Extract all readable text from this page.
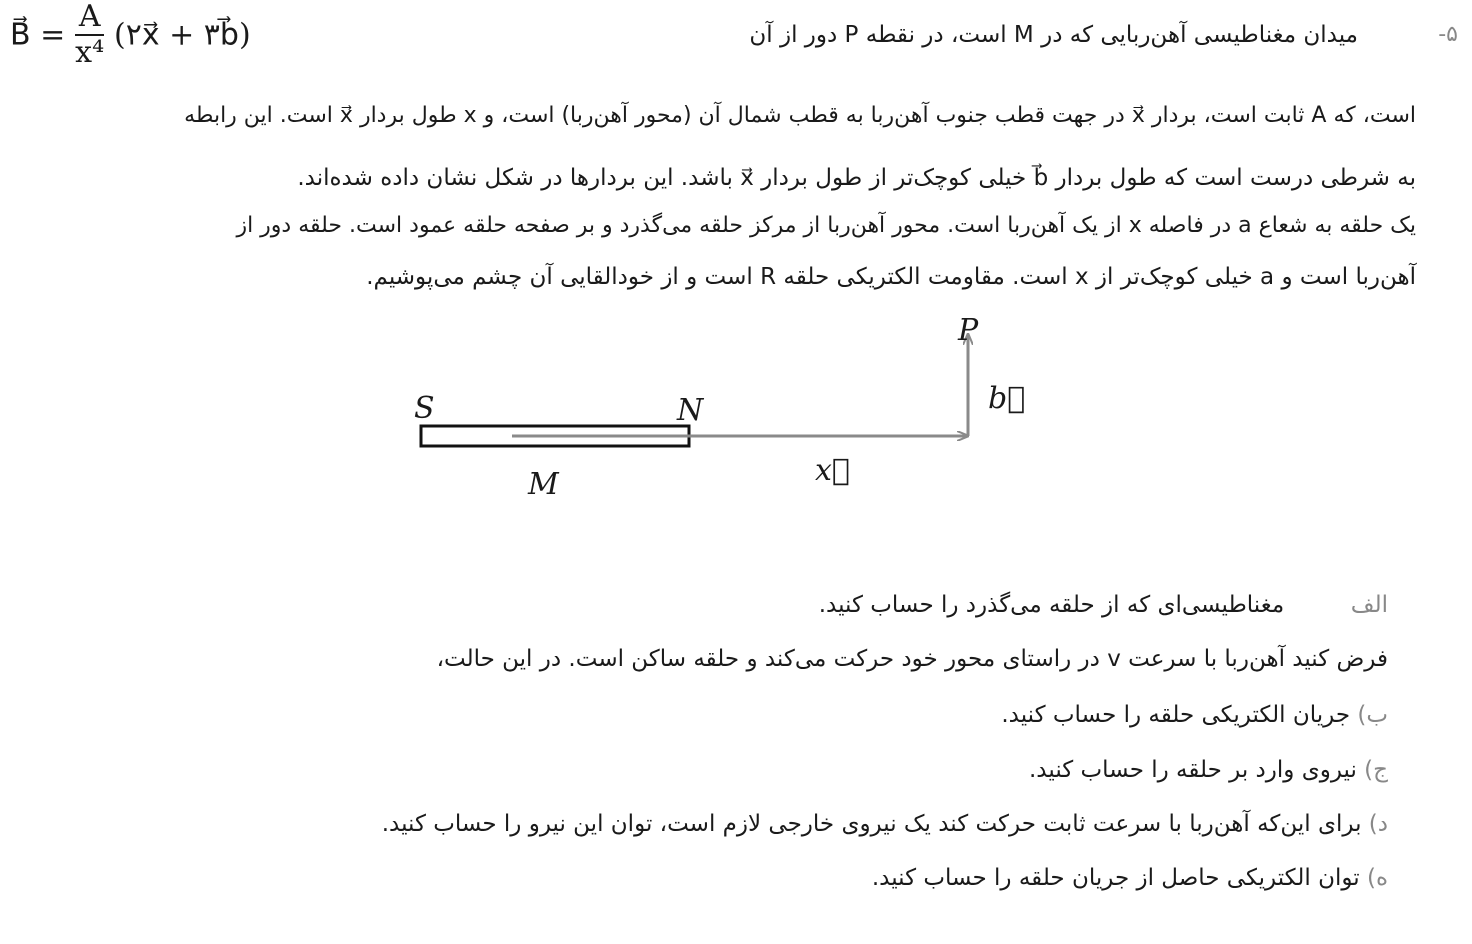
B⃗ = $\frac{A}{\text{x⁴}}$ (۲x⃗ + ۳b⃗)	-۵
میدان مغناطیسی آهن‌ربایی که در M است، در نقطه P دور از آن
است، که A ثابت است، بردار x⃗ در جهت قطب جنوب آهن‌ربا به قطب شمال آن (محور آهن‌ربا) است، و x طول بردار x⃗ است. این رابطه
به شرطی درست است که طول بردار b⃗ خیلی کوچک‌تر از طول بردار x⃗ باشد. این بردارها در شکل نشان داده شده‌اند.
یک حلقه به شعاع a در فاصله x از یک آهن‌ربا است. محور آهن‌ربا از مرکز حلقه می‌گذرد و بر صفحه حلقه عمود است. حلقه دور از
آهن‌ربا است و a خیلی کوچک‌تر از x است. مقاومت الکتریکی حلقه R است و از خودالقایی آن چشم می‌پوشیم.
S	N
M
P
b⃗
x⃗
الف  مغناطیسی‌ای که از حلقه می‌گذرد را حساب کنید.
فرض کنید آهن‌ربا با سرعت v در راستای محور خود حرکت می‌کند و حلقه ساکن است. در این حالت،
ب) جریان الکتریکی حلقه را حساب کنید.
ج) نیروی وارد بر حلقه را حساب کنید.
د) برای این‌که آهن‌ربا با سرعت ثابت حرکت کند یک نیروی خارجی لازم است، توان این نیرو را حساب کنید.
ه) توان الکتریکی حاصل از جریان حلقه را حساب کنید.
